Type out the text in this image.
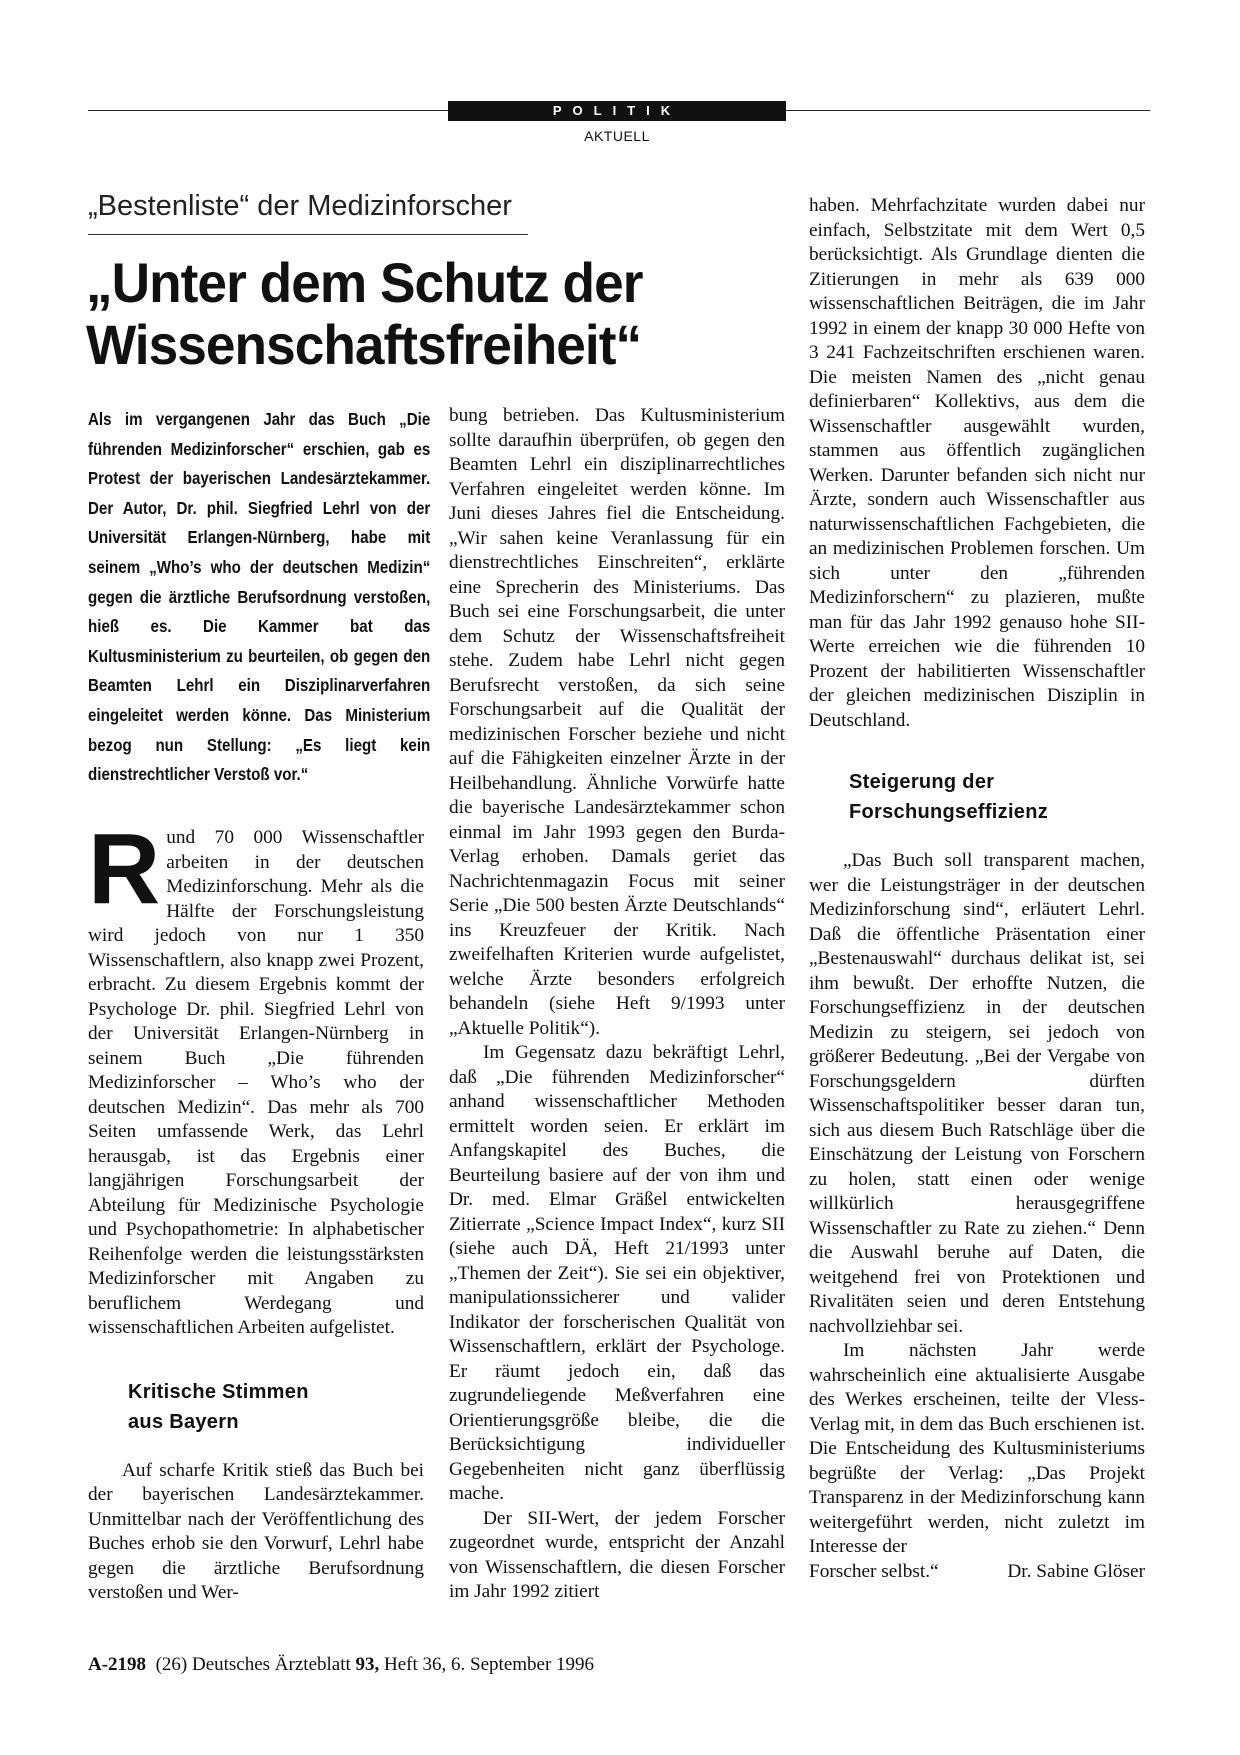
POLITIK
AKTUELL
„Bestenliste“ der Medizinforscher
„Unter dem Schutz der
Wissenschaftsfreiheit“

Als im vergangenen Jahr das Buch „Die führenden Medizinforscher“ erschien, gab es Protest der bayerischen Landesärztekammer. Der Autor, Dr. phil. Siegfried Lehrl von der Universität Erlangen-Nürnberg, habe mit seinem „Who’s who der deutschen Medizin“ gegen die ärztliche Berufsordnung verstoßen, hieß es. Die Kammer bat das Kultusministerium zu beurteilen, ob gegen den Beamten Lehrl ein Disziplinarverfahren eingeleitet werden könne. Das Ministerium bezog nun Stellung: „Es liegt kein dienstrechtlicher Verstoß vor.“

R und 70 000 Wissenschaftler arbeiten in der deutschen Medizinforschung. Mehr als die Hälfte der Forschungsleistung wird jedoch von nur 1 350 Wissenschaftlern, also knapp zwei Prozent, erbracht. Zu diesem Ergebnis kommt der Psychologe Dr. phil. Siegfried Lehrl von der Universität Erlangen-Nürnberg in seinem Buch „Die führenden Medizinforscher – Who’s who der deutschen Medizin“. Das mehr als 700 Seiten umfassende Werk, das Lehrl herausgab, ist das Ergebnis einer langjährigen Forschungsarbeit der Abteilung für Medizinische Psychologie und Psychopathometrie: In alphabetischer Reihenfolge werden die leistungsstärksten Medizinforscher mit Angaben zu beruflichem Werdegang und wissenschaftlichen Arbeiten aufgelistet.

Kritische Stimmen
aus Bayern

Auf scharfe Kritik stieß das Buch bei der bayerischen Landesärztekammer. Unmittelbar nach der Veröffentlichung des Buches erhob sie den Vorwurf, Lehrl habe gegen die ärztliche Berufsordnung verstoßen und Wer-

bung betrieben. Das Kultusministerium sollte daraufhin überprüfen, ob gegen den Beamten Lehrl ein disziplinarrechtliches Verfahren eingeleitet werden könne. Im Juni dieses Jahres fiel die Entscheidung. „Wir sahen keine Veranlassung für ein dienstrechtliches Einschreiten“, erklärte eine Sprecherin des Ministeriums. Das Buch sei eine Forschungsarbeit, die unter dem Schutz der Wissenschaftsfreiheit stehe. Zudem habe Lehrl nicht gegen Berufsrecht verstoßen, da sich seine Forschungsarbeit auf die Qualität der medizinischen Forscher beziehe und nicht auf die Fähigkeiten einzelner Ärzte in der Heilbehandlung. Ähnliche Vorwürfe hatte die bayerische Landesärztekammer schon einmal im Jahr 1993 gegen den Burda-Verlag erhoben. Damals geriet das Nachrichtenmagazin Focus mit seiner Serie „Die 500 besten Ärzte Deutschlands“ ins Kreuzfeuer der Kritik. Nach zweifelhaften Kriterien wurde aufgelistet, welche Ärzte besonders erfolgreich behandeln (siehe Heft 9/1993 unter „Aktuelle Politik“).

Im Gegensatz dazu bekräftigt Lehrl, daß „Die führenden Medizinforscher“ anhand wissenschaftlicher Methoden ermittelt worden seien. Er erklärt im Anfangskapitel des Buches, die Beurteilung basiere auf der von ihm und Dr. med. Elmar Gräßel entwickelten Zitierrate „Science Impact Index“, kurz SII (siehe auch DÄ, Heft 21/1993 unter „Themen der Zeit“). Sie sei ein objektiver, manipulationssicherer und valider Indikator der forscherischen Qualität von Wissenschaftlern, erklärt der Psychologe. Er räumt jedoch ein, daß das zugrundeliegende Meßverfahren eine Orientierungsgröße bleibe, die die Berücksichtigung individueller Gegebenheiten nicht ganz überflüssig mache.

Der SII-Wert, der jedem Forscher zugeordnet wurde, entspricht der Anzahl von Wissenschaftlern, die diesen Forscher im Jahr 1992 zitiert

haben. Mehrfachzitate wurden dabei nur einfach, Selbstzitate mit dem Wert 0,5 berücksichtigt. Als Grundlage dienten die Zitierungen in mehr als 639 000 wissenschaftlichen Beiträgen, die im Jahr 1992 in einem der knapp 30 000 Hefte von 3 241 Fachzeitschriften erschienen waren. Die meisten Namen des „nicht genau definierbaren“ Kollektivs, aus dem die Wissenschaftler ausgewählt wurden, stammen aus öffentlich zugänglichen Werken. Darunter befanden sich nicht nur Ärzte, sondern auch Wissenschaftler aus naturwissenschaftlichen Fachgebieten, die an medizinischen Problemen forschen. Um sich unter den „führenden Medizinforschern“ zu plazieren, mußte man für das Jahr 1992 genauso hohe SII-Werte erreichen wie die führenden 10 Prozent der habilitierten Wissenschaftler der gleichen medizinischen Disziplin in Deutschland.

Steigerung der
Forschungseffizienz

„Das Buch soll transparent machen, wer die Leistungsträger in der deutschen Medizinforschung sind“, erläutert Lehrl. Daß die öffentliche Präsentation einer „Bestenauswahl“ durchaus delikat ist, sei ihm bewußt. Der erhoffte Nutzen, die Forschungseffizienz in der deutschen Medizin zu steigern, sei jedoch von größerer Bedeutung. „Bei der Vergabe von Forschungsgeldern dürften Wissenschaftspolitiker besser daran tun, sich aus diesem Buch Ratschläge über die Einschätzung der Leistung von Forschern zu holen, statt einen oder wenige willkürlich herausgegriffene Wissenschaftler zu Rate zu ziehen.“ Denn die Auswahl beruhe auf Daten, die weitgehend frei von Protektionen und Rivalitäten seien und deren Entstehung nachvollziehbar sei.

Im nächsten Jahr werde wahrscheinlich eine aktualisierte Ausgabe des Werkes erscheinen, teilte der Vless-Verlag mit, in dem das Buch erschienen ist. Die Entscheidung des Kultusministeriums begrüßte der Verlag: „Das Projekt Transparenz in der Medizinforschung kann weitergeführt werden, nicht zuletzt im Interesse der

Forscher selbst.“	Dr. Sabine Glöser
A-2198 (26) Deutsches Ärzteblatt 93, Heft 36, 6. September 1996
